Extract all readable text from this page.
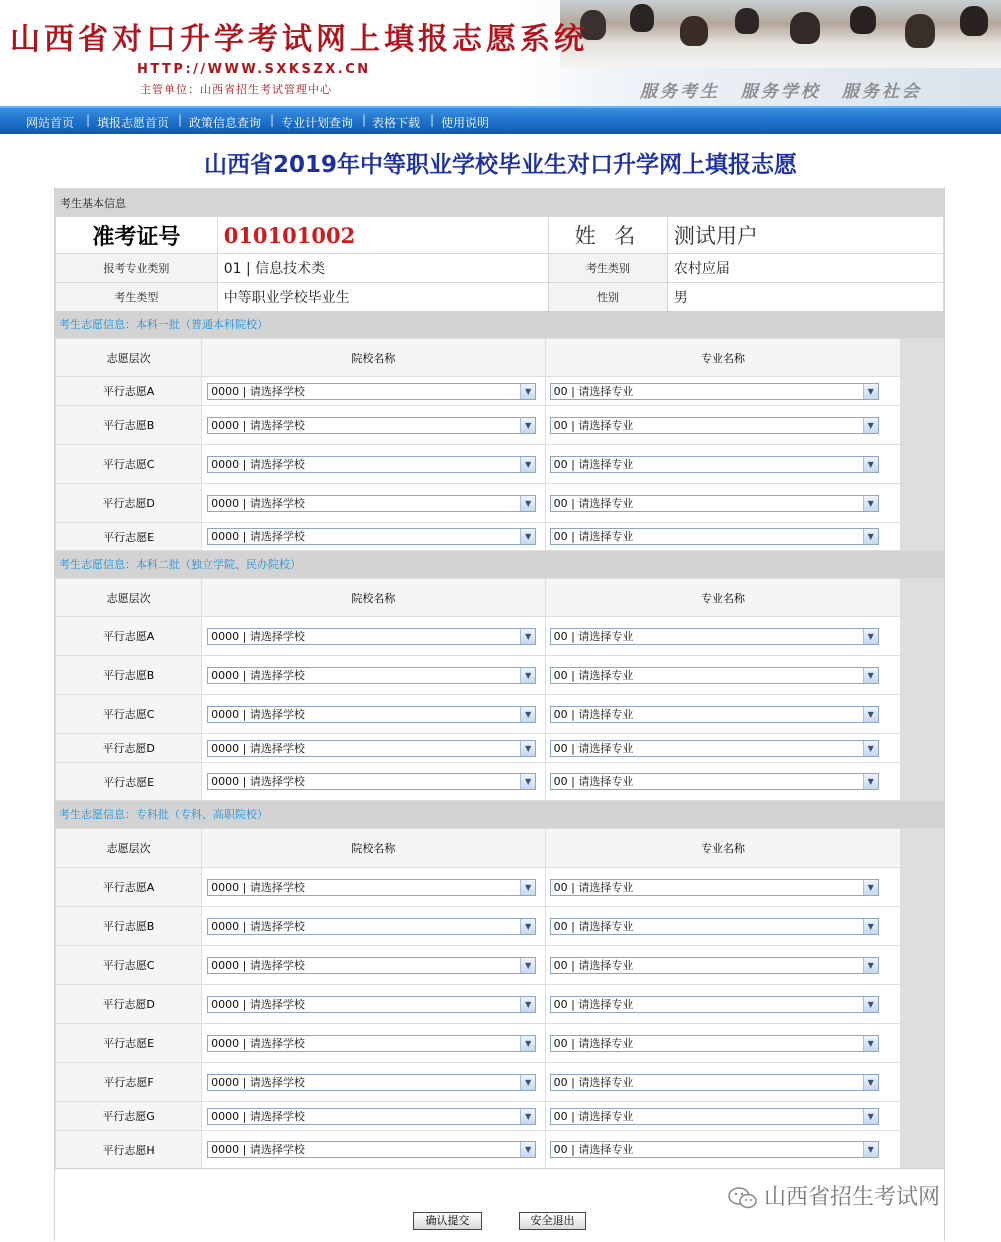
山西省对口升学考试网上填报志愿系统
HTTP://WWW.SXKSZX.CN
主管单位：山西省招生考试管理中心	服务考生 服务学校 服务社会
网站首页 | 填报志愿首页 | 政策信息查询 | 专业计划查询 | 表格下载 | 使用说明
山西省2019年中等职业学校毕业生对口升学网上填报志愿
考生基本信息			
准考证号	010101002	姓 名	测试用户
报考专业类别	01 | 信息技术类	考生类别	农村应届
考生类型	中等职业学校毕业生	性别	男
考生志愿信息：本科一批（普通本科院校）
志愿层次	院校名称	专业名称	
平行志愿A	0000 | 请选择学校 ▼	00 | 请选择专业 ▼	

平行志愿B	0000 | 请选择学校 ▼	00 | 请选择专业 ▼	

平行志愿C	0000 | 请选择学校 ▼	00 | 请选择专业 ▼	

平行志愿D	0000 | 请选择学校 ▼	00 | 请选择专业 ▼	

平行志愿E	0000 | 请选择学校 ▼	00 | 请选择专业 ▼	

考生志愿信息：本科二批（独立学院、民办院校）
志愿层次	院校名称	专业名称	
平行志愿A	0000 | 请选择学校 ▼	00 | 请选择专业 ▼	

平行志愿B	0000 | 请选择学校 ▼	00 | 请选择专业 ▼	

平行志愿C	0000 | 请选择学校 ▼	00 | 请选择专业 ▼	

平行志愿D	0000 | 请选择学校 ▼	00 | 请选择专业 ▼	

平行志愿E	0000 | 请选择学校 ▼	00 | 请选择专业 ▼	

考生志愿信息：专科批（专科、高职院校）
志愿层次	院校名称	专业名称	
平行志愿A	0000 | 请选择学校 ▼	00 | 请选择专业 ▼	

平行志愿B	0000 | 请选择学校 ▼	00 | 请选择专业 ▼	

平行志愿C	0000 | 请选择学校 ▼	00 | 请选择专业 ▼	

平行志愿D	0000 | 请选择学校 ▼	00 | 请选择专业 ▼	

平行志愿E	0000 | 请选择学校 ▼	00 | 请选择专业 ▼	

平行志愿F	0000 | 请选择学校 ▼	00 | 请选择专业 ▼	

平行志愿G	0000 | 请选择学校 ▼	00 | 请选择专业 ▼	

平行志愿H	0000 | 请选择学校 ▼	00 | 请选择专业 ▼	

确认提交	安全退出
山西省招生考试网
